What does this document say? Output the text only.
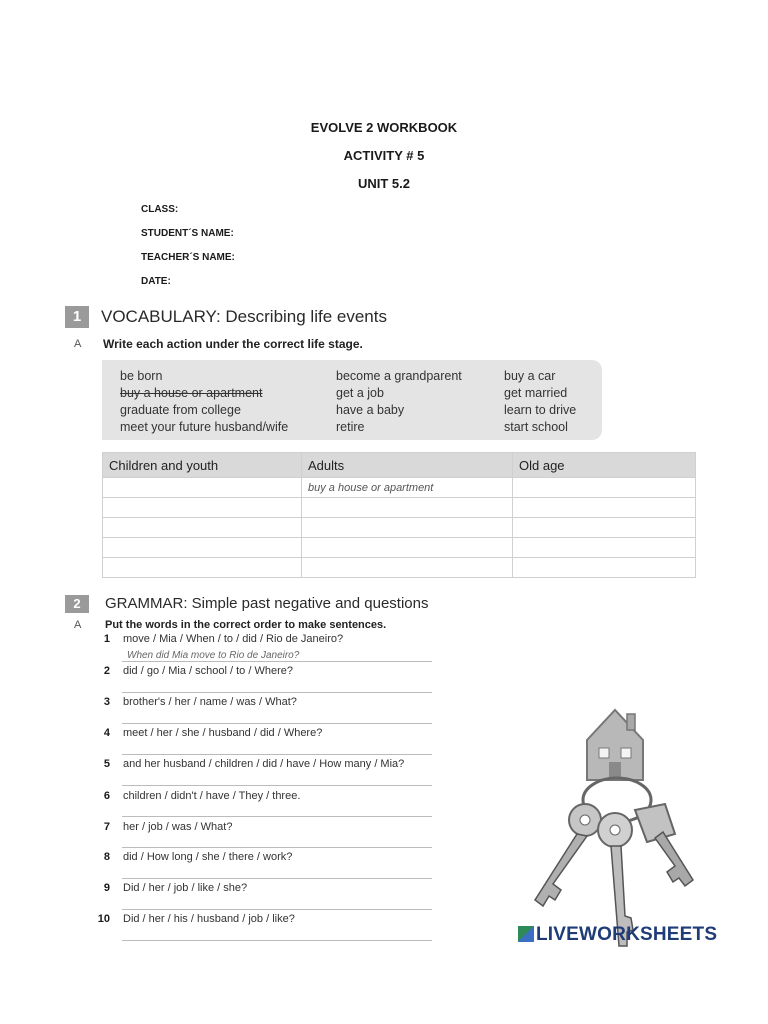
EVOLVE 2 WORKBOOK
ACTIVITY # 5
UNIT 5.2
CLASS:
STUDENT´S NAME:
TEACHER´S NAME:
DATE:
1	VOCABULARY: Describing life events
A Write each action under the correct life stage.
be born	become a grandparent	buy a car
buy a house or apartment	get a job	get married
graduate from college	have a baby	learn to drive
meet your future husband/wife	retire	start school
Children and youth	Adults	Old age
	buy a house or apartment	

2	GRAMMAR: Simple past negative and questions
A Put the words in the correct order to make sentences.
1 move / Mia / When / to / did / Rio de Janeiro?
When did Mia move to Rio de Janeiro?
2 did / go / Mia / school / to / Where?
3 brother's / her / name / was / What?
4 meet / her / she / husband / did / Where?
5 and her husband / children / did / have / How many / Mia?
6 children / didn't / have / They / three.
7 her / job / was / What?
8 did / How long / she / there / work?
9 Did / her / job / like / she?
10 Did / her / his / husband / job / like?
LIVEWORKSHEETS
